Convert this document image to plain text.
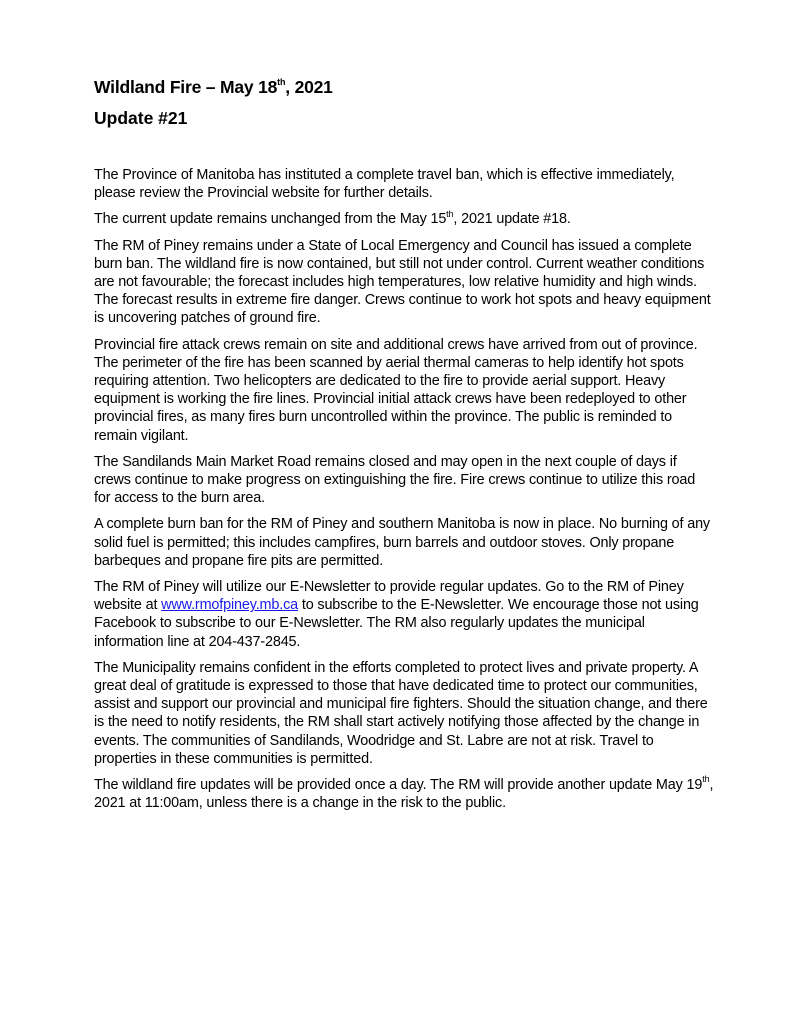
Wildland Fire – May 18th, 2021
Update #21

The Province of Manitoba has instituted a complete travel ban, which is effective immediately, please review the Provincial website for further details.

The current update remains unchanged from the May 15th, 2021 update #18.

The RM of Piney remains under a State of Local Emergency and Council has issued a complete burn ban. The wildland fire is now contained, but still not under control. Current weather conditions are not favourable; the forecast includes high temperatures, low relative humidity and high winds. The forecast results in extreme fire danger. Crews continue to work hot spots and heavy equipment is uncovering patches of ground fire.

Provincial fire attack crews remain on site and additional crews have arrived from out of province. The perimeter of the fire has been scanned by aerial thermal cameras to help identify hot spots requiring attention. Two helicopters are dedicated to the fire to provide aerial support. Heavy equipment is working the fire lines. Provincial initial attack crews have been redeployed to other provincial fires, as many fires burn uncontrolled within the province. The public is reminded to remain vigilant.

The Sandilands Main Market Road remains closed and may open in the next couple of days if crews continue to make progress on extinguishing the fire. Fire crews continue to utilize this road for access to the burn area.

A complete burn ban for the RM of Piney and southern Manitoba is now in place. No burning of any solid fuel is permitted; this includes campfires, burn barrels and outdoor stoves. Only propane barbeques and propane fire pits are permitted.

The RM of Piney will utilize our E-Newsletter to provide regular updates. Go to the RM of Piney website at www.rmofpiney.mb.ca to subscribe to the E-Newsletter. We encourage those not using Facebook to subscribe to our E-Newsletter. The RM also regularly updates the municipal information line at 204-437-2845.

The Municipality remains confident in the efforts completed to protect lives and private property. A great deal of gratitude is expressed to those that have dedicated time to protect our communities, assist and support our provincial and municipal fire fighters. Should the situation change, and there is the need to notify residents, the RM shall start actively notifying those affected by the change in events. The communities of Sandilands, Woodridge and St. Labre are not at risk. Travel to properties in these communities is permitted.

The wildland fire updates will be provided once a day. The RM will provide another update May 19th, 2021 at 11:00am, unless there is a change in the risk to the public.
